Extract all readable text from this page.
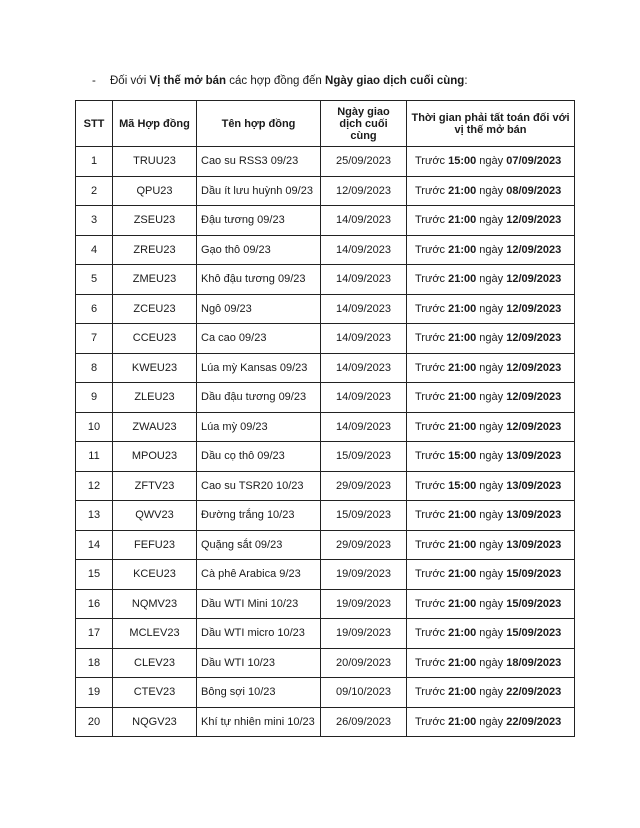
- Đối với Vị thế mở bán các hợp đồng đến Ngày giao dịch cuối cùng:
STT	Mã Hợp đồng	Tên hợp đồng	Ngày giao dịch cuối cùng	Thời gian phải tất toán đối với vị thế mở bán
1	TRUU23	Cao su RSS3 09/23	25/09/2023	Trước 15:00 ngày 07/09/2023
2	QPU23	Dầu ít lưu huỳnh 09/23	12/09/2023	Trước 21:00 ngày 08/09/2023
3	ZSEU23	Đậu tương 09/23	14/09/2023	Trước 21:00 ngày 12/09/2023
4	ZREU23	Gạo thô 09/23	14/09/2023	Trước 21:00 ngày 12/09/2023
5	ZMEU23	Khô đậu tương 09/23	14/09/2023	Trước 21:00 ngày 12/09/2023
6	ZCEU23	Ngô 09/23	14/09/2023	Trước 21:00 ngày 12/09/2023
7	CCEU23	Ca cao 09/23	14/09/2023	Trước 21:00 ngày 12/09/2023
8	KWEU23	Lúa mỳ Kansas 09/23	14/09/2023	Trước 21:00 ngày 12/09/2023
9	ZLEU23	Dầu đậu tương 09/23	14/09/2023	Trước 21:00 ngày 12/09/2023
10	ZWAU23	Lúa mỳ 09/23	14/09/2023	Trước 21:00 ngày 12/09/2023
11	MPOU23	Dầu cọ thô 09/23	15/09/2023	Trước 15:00 ngày 13/09/2023
12	ZFTV23	Cao su TSR20 10/23	29/09/2023	Trước 15:00 ngày 13/09/2023
13	QWV23	Đường trắng 10/23	15/09/2023	Trước 21:00 ngày 13/09/2023
14	FEFU23	Quặng sắt 09/23	29/09/2023	Trước 21:00 ngày 13/09/2023
15	KCEU23	Cà phê Arabica 9/23	19/09/2023	Trước 21:00 ngày 15/09/2023
16	NQMV23	Dầu WTI Mini 10/23	19/09/2023	Trước 21:00 ngày 15/09/2023
17	MCLEV23	Dầu WTI micro 10/23	19/09/2023	Trước 21:00 ngày 15/09/2023
18	CLEV23	Dầu WTI 10/23	20/09/2023	Trước 21:00 ngày 18/09/2023
19	CTEV23	Bông sợi 10/23	09/10/2023	Trước 21:00 ngày 22/09/2023
20	NQGV23	Khí tự nhiên mini 10/23	26/09/2023	Trước 21:00 ngày 22/09/2023
